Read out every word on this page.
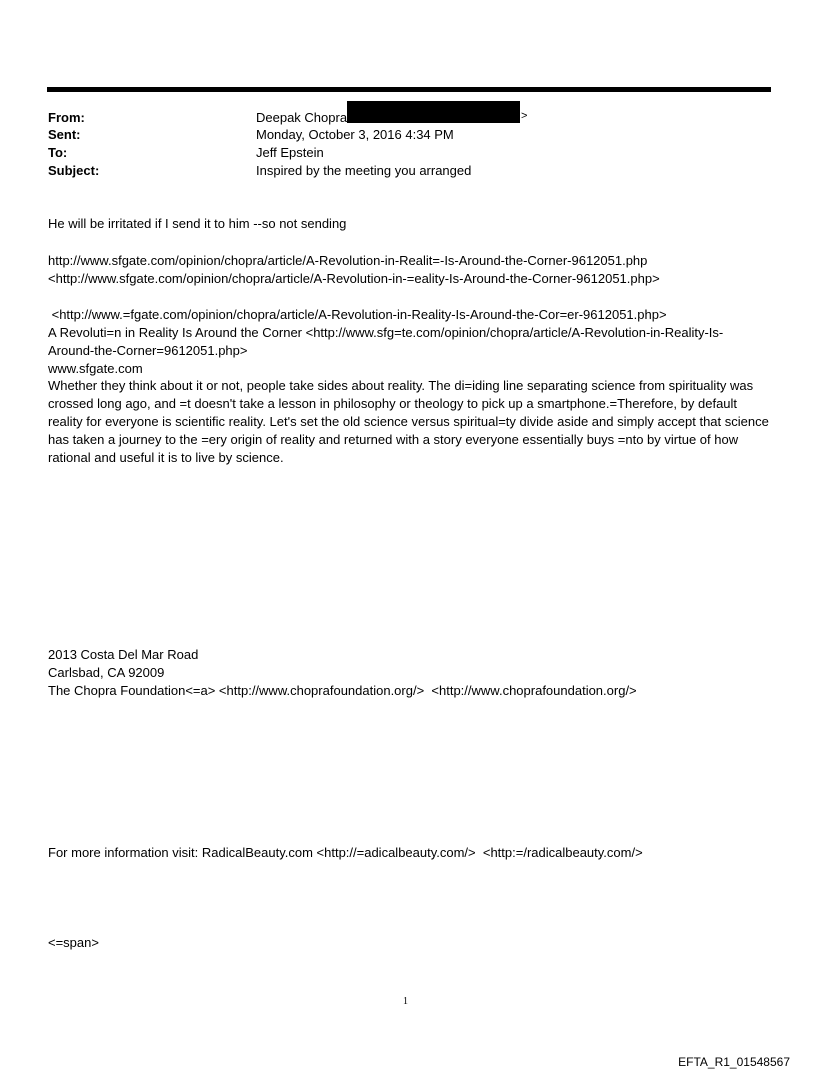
From:	Deepak Chopra	>
Sent:	Monday, October 3, 2016 4:34 PM
To:	Jeff Epstein
Subject:	Inspired by the meeting you arranged
He will be irritated if I send it to him --so not sending
http://www.sfgate.com/opinion/chopra/article/A-Revolution-in-Realit=-Is-Around-the-Corner-9612051.php
<http://www.sfgate.com/opinion/chopra/article/A-Revolution-in-=eality-Is-Around-the-Corner-9612051.php>
<http://www.=fgate.com/opinion/chopra/article/A-Revolution-in-Reality-Is-Around-the-Cor=er-9612051.php>
A Revoluti=n in Reality Is Around the Corner <http://www.sfg=te.com/opinion/chopra/article/A-Revolution-in-Reality-Is-
Around-the-Corner=9612051.php>
www.sfgate.com
Whether they think about it or not, people take sides about reality. The di=iding line separating science from spirituality was crossed long ago, and =t doesn't take a lesson in philosophy or theology to pick up a smartphone.=Therefore, by default reality for everyone is scientific reality. Let's set the old science versus spiritual=ty divide aside and simply accept that science has taken a journey to the =ery origin of reality and returned with a story everyone essentially buys =nto by virtue of how rational and useful it is to live by science.
2013 Costa Del Mar Road
Carlsbad, CA 92009
The Chopra Foundation<=a> <http://www.choprafoundation.org/>  <http://www.choprafoundation.org/>
For more information visit: RadicalBeauty.com <http://=adicalbeauty.com/>  <http:=/radicalbeauty.com/>
<=span>
1
EFTA_R1_01548567
